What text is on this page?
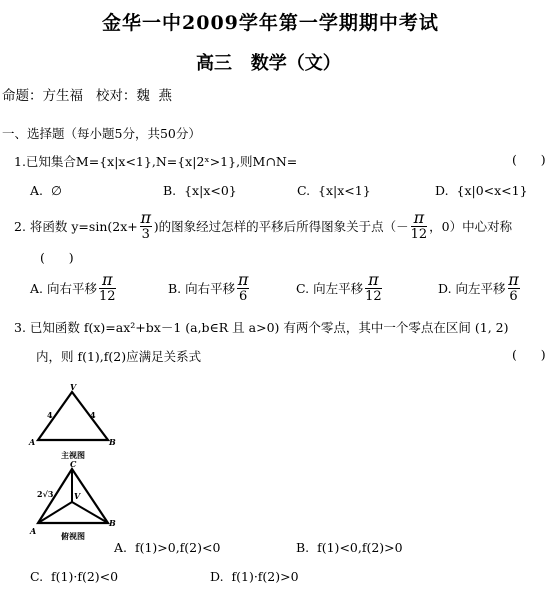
金华一中2009学年第一学期期中考试
高三   数学（文）
命题：方生福   校对：魏  燕
一、选择题（每小题5分，共50分）
1.已知集合M={x|x<1},N={x|2ˣ>1},则M∩N=	(      )
A.  ∅	B.  {x|x<0}	C.  {x|x<1}	D.  {x|0<x<1}
2. 将函数 $y=\sin(2x+ \frac{\pi}{3}$ )的图象经过怎样的平移后所得图象关于点（－ $\frac{\pi}{12}$ ，0）中心对称
(      )
A. 向右平移 $\frac{\pi}{12}$	B. 向右平移 $\frac{\pi}{6}$	C. 向左平移 $\frac{\pi}{12}$	D. 向左平移 $\frac{\pi}{6}$
3. 已知函数 f(x)=ax²+bx－1 (a,b∈R 且 a>0) 有两个零点，其中一个零点在区间 (1, 2)
内，则 f(1),f(2)应满足关系式	(      )
V
4	4
A	B
主视图
C
2√3	V
A
B
俯视图
A.  f(1)>0,f(2)<0	B.  f(1)<0,f(2)>0
C.  f(1)·f(2)<0	D.  f(1)·f(2)>0
